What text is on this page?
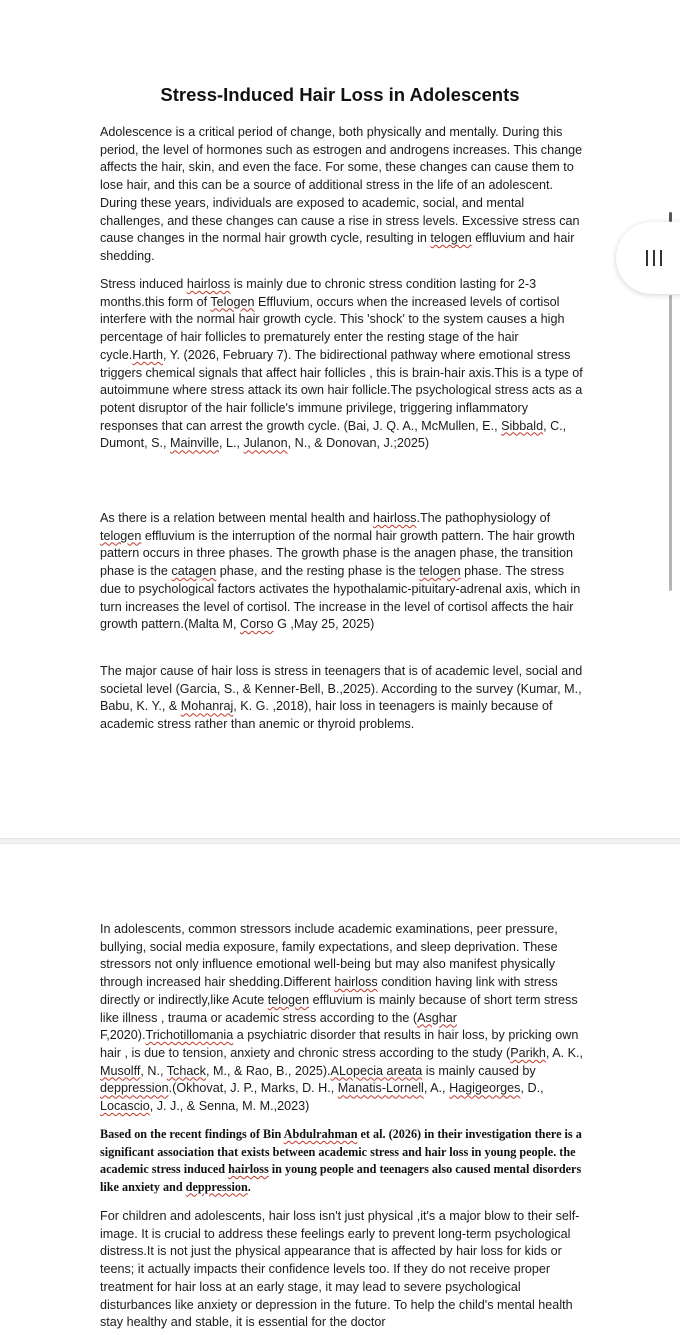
Stress-Induced Hair Loss in Adolescents

Adolescence is a critical period of change, both physically and mentally. During this period, the level of hormones such as estrogen and androgens increases. This change affects the hair, skin, and even the face. For some, these changes can cause them to lose hair, and this can be a source of additional stress in the life of an adolescent. During these years, individuals are exposed to academic, social, and mental challenges, and these changes can cause a rise in stress levels. Excessive stress can cause changes in the normal hair growth cycle, resulting in telogen effluvium and hair shedding.

Stress induced hairloss is mainly due to chronic stress condition lasting for 2-3 months.this form of Telogen Effluvium, occurs when the increased levels of cortisol interfere with the normal hair growth cycle. This 'shock' to the system causes a high percentage of hair follicles to prematurely enter the resting stage of the hair cycle.Harth, Y. (2026, February 7). The bidirectional pathway where emotional stress triggers chemical signals that affect hair follicles , this is brain-hair axis.This is a type of autoimmune where stress attack its own hair follicle.The psychological stress acts as a potent disruptor of the hair follicle's immune privilege, triggering inflammatory responses that can arrest the growth cycle. (Bai, J. Q. A., McMullen, E., Sibbald, C., Dumont, S., Mainville, L., Julanon, N., & Donovan, J.;2025)

As there is a relation between mental health and hairloss.The pathophysiology of telogen effluvium is the interruption of the normal hair growth pattern. The hair growth pattern occurs in three phases. The growth phase is the anagen phase, the transition phase is the catagen phase, and the resting phase is the telogen phase. The stress due to psychological factors activates the hypothalamic-pituitary-adrenal axis, which in turn increases the level of cortisol. The increase in the level of cortisol affects the hair growth pattern.(Malta M, Corso G ,May 25, 2025)

The major cause of hair loss is stress in teenagers that is of academic level, social and societal level (Garcia, S., & Kenner-Bell, B.,2025). According to the survey (Kumar, M., Babu, K. Y., & Mohanraj, K. G. ,2018), hair loss in teenagers is mainly because of academic stress rather than anemic or thyroid problems.

In adolescents, common stressors include academic examinations, peer pressure, bullying, social media exposure, family expectations, and sleep deprivation. These stressors not only influence emotional well-being but may also manifest physically through increased hair shedding.Different hairloss condition having link with stress directly or indirectly,like Acute telogen effluvium is mainly because of short term stress like illness , trauma or academic stress according to the (Asghar F,2020).Trichotillomania a psychiatric disorder that results in hair loss, by pricking own hair , is due to tension, anxiety and chronic stress according to the study (Parikh, A. K., Musolff, N., Tchack, M., & Rao, B., 2025).ALopecia areata is mainly caused by deppression.(Okhovat, J. P., Marks, D. H., Manatis-Lornell, A., Hagigeorges, D., Locascio, J. J., & Senna, M. M.,2023)

Based on the recent findings of Bin Abdulrahman et al. (2026) in their investigation there is a significant association that exists between academic stress and hair loss in young people. the academic stress induced hairloss in young people and teenagers also caused mental disorders like anxiety and deppression.

For children and adolescents, hair loss isn't just physical ,it's a major blow to their self-image. It is crucial to address these feelings early to prevent long-term psychological distress.It is not just the physical appearance that is affected by hair loss for kids or teens; it actually impacts their confidence levels too. If they do not receive proper treatment for hair loss at an early stage, it may lead to severe psychological disturbances like anxiety or depression in the future. To help the child's mental health stay healthy and stable, it is essential for the doctor
